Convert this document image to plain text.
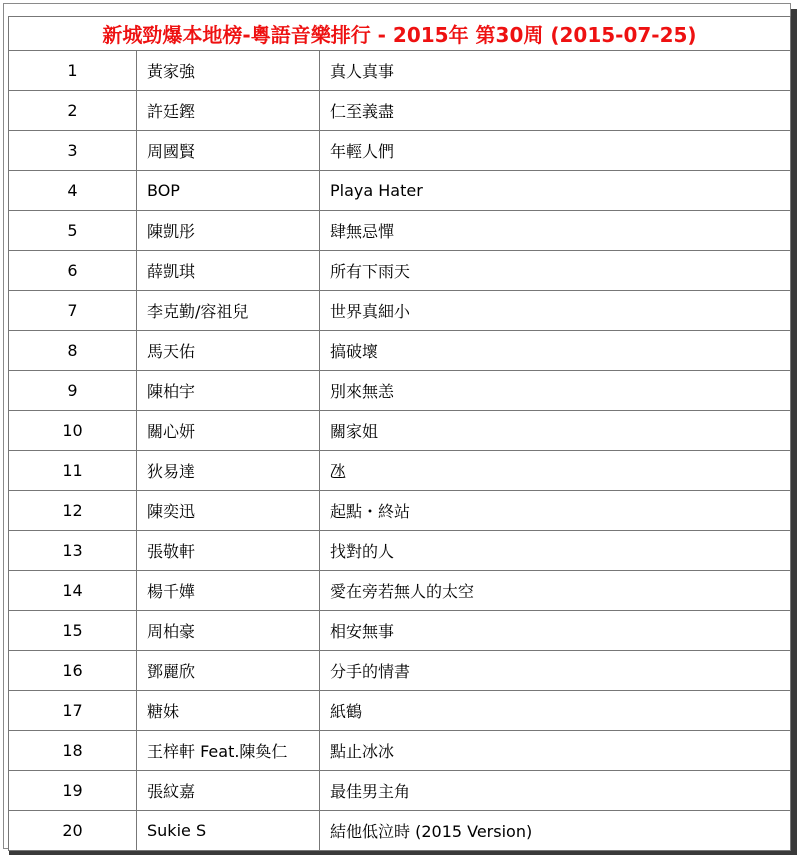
新城勁爆本地榜-粵語音樂排行 - 2015年 第30周 (2015-07-25)		
1	黃家強	真人真事
2	許廷鏗	仁至義盡
3	周國賢	年輕人們
4	BOP	Playa Hater
5	陳凱彤	肆無忌憚
6	薛凱琪	所有下雨天
7	李克勤/容祖兒	世界真細小
8	馬天佑	搞破壞
9	陳柏宇	別來無恙
10	關心妍	關家姐
11	狄易達	氹
12	陳奕迅	起點・終站
13	張敬軒	找對的人
14	楊千嬅	愛在旁若無人的太空
15	周柏豪	相安無事
16	鄧麗欣	分手的情書
17	糖妹	紙鶴
18	王梓軒 Feat.陳奐仁	點止冰冰
19	張紋嘉	最佳男主角
20	Sukie S	結他低泣時 (2015 Version)
